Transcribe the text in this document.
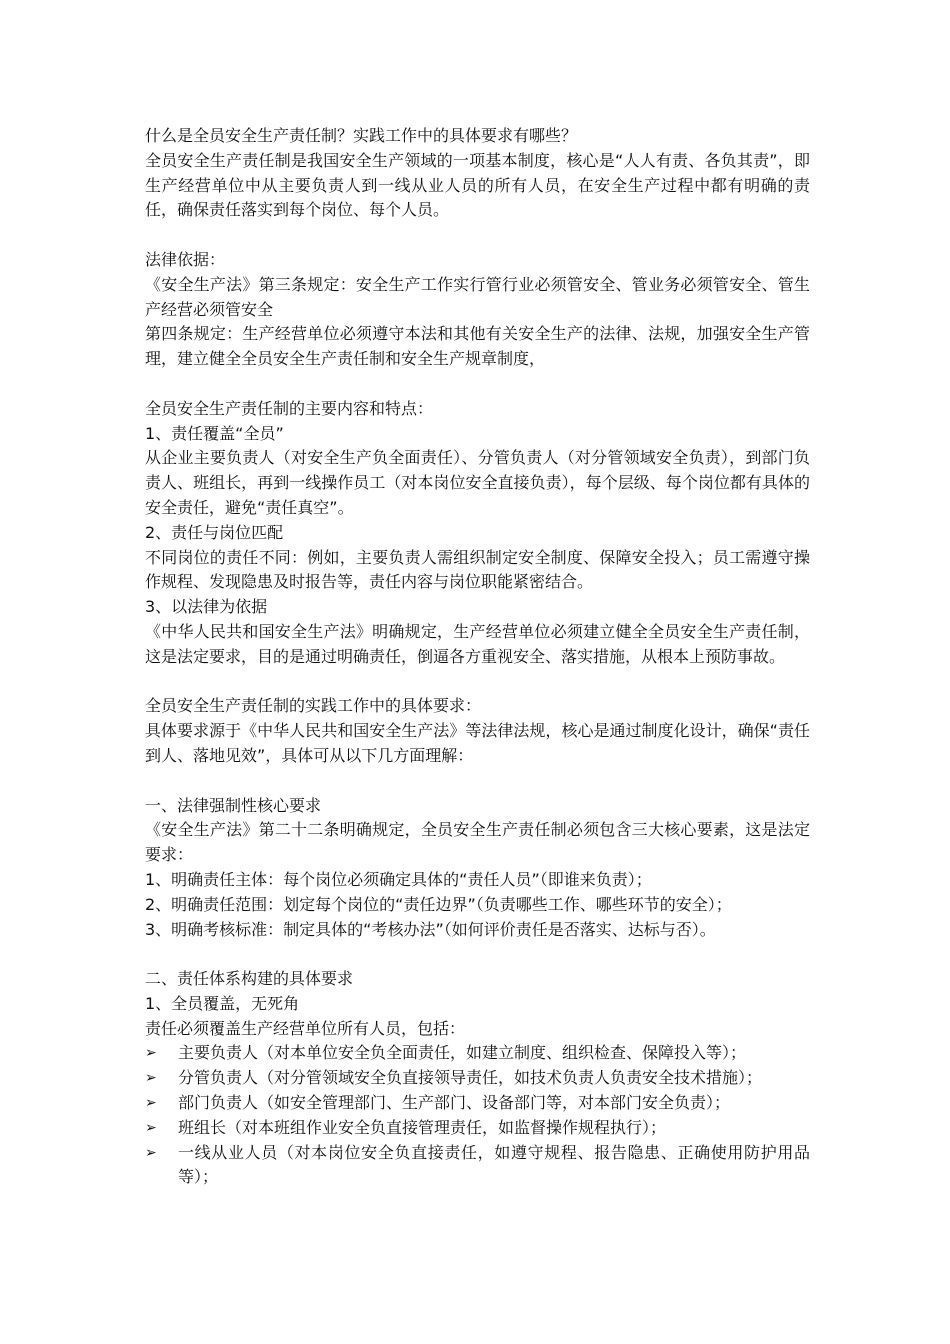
什么是全员安全生产责任制？实践工作中的具体要求有哪些？

全员安全生产责任制是我国安全生产领域的一项基本制度，核心是“人人有责、各负其责”，即生产经营单位中从主要负责人到一线从业人员的所有人员，在安全生产过程中都有明确的责任，确保责任落实到每个岗位、每个人员。

法律依据：

《安全生产法》第三条规定：安全生产工作实行管行业必须管安全、管业务必须管安全、管生产经营必须管安全

第四条规定：生产经营单位必须遵守本法和其他有关安全生产的法律、法规，加强安全生产管理，建立健全全员安全生产责任制和安全生产规章制度，

全员安全生产责任制的主要内容和特点：

1、责任覆盖“全员”

从企业主要负责人（对安全生产负全面责任）、分管负责人（对分管领域安全负责），到部门负责人、班组长，再到一线操作员工（对本岗位安全直接负责），每个层级、每个岗位都有具体的安全责任，避免“责任真空”。

2、责任与岗位匹配

不同岗位的责任不同：例如，主要负责人需组织制定安全制度、保障安全投入；员工需遵守操作规程、发现隐患及时报告等，责任内容与岗位职能紧密结合。

3、以法律为依据

《中华人民共和国安全生产法》明确规定，生产经营单位必须建立健全全员安全生产责任制，这是法定要求，目的是通过明确责任，倒逼各方重视安全、落实措施，从根本上预防事故。

全员安全生产责任制的实践工作中的具体要求：

具体要求源于《中华人民共和国安全生产法》等法律法规，核心是通过制度化设计，确保“责任到人、落地见效”，具体可从以下几方面理解：

一、法律强制性核心要求

《安全生产法》第二十二条明确规定，全员安全生产责任制必须包含三大核心要素，这是法定要求：

1、明确责任主体：每个岗位必须确定具体的“责任人员”（即谁来负责）；

2、明确责任范围：划定每个岗位的“责任边界”（负责哪些工作、哪些环节的安全）；

3、明确考核标准：制定具体的“考核办法”（如何评价责任是否落实、达标与否）。

二、责任体系构建的具体要求

1、全员覆盖，无死角

责任必须覆盖生产经营单位所有人员，包括：

➢	主要负责人（对本单位安全负全面责任，如建立制度、组织检查、保障投入等）；
➢	分管负责人（对分管领域安全负直接领导责任，如技术负责人负责安全技术措施）；
➢	部门负责人（如安全管理部门、生产部门、设备部门等，对本部门安全负责）；
➢	班组长（对本班组作业安全负直接管理责任，如监督操作规程执行）；
➢	一线从业人员（对本岗位安全负直接责任，如遵守规程、报告隐患、正确使用防护用品等）；
